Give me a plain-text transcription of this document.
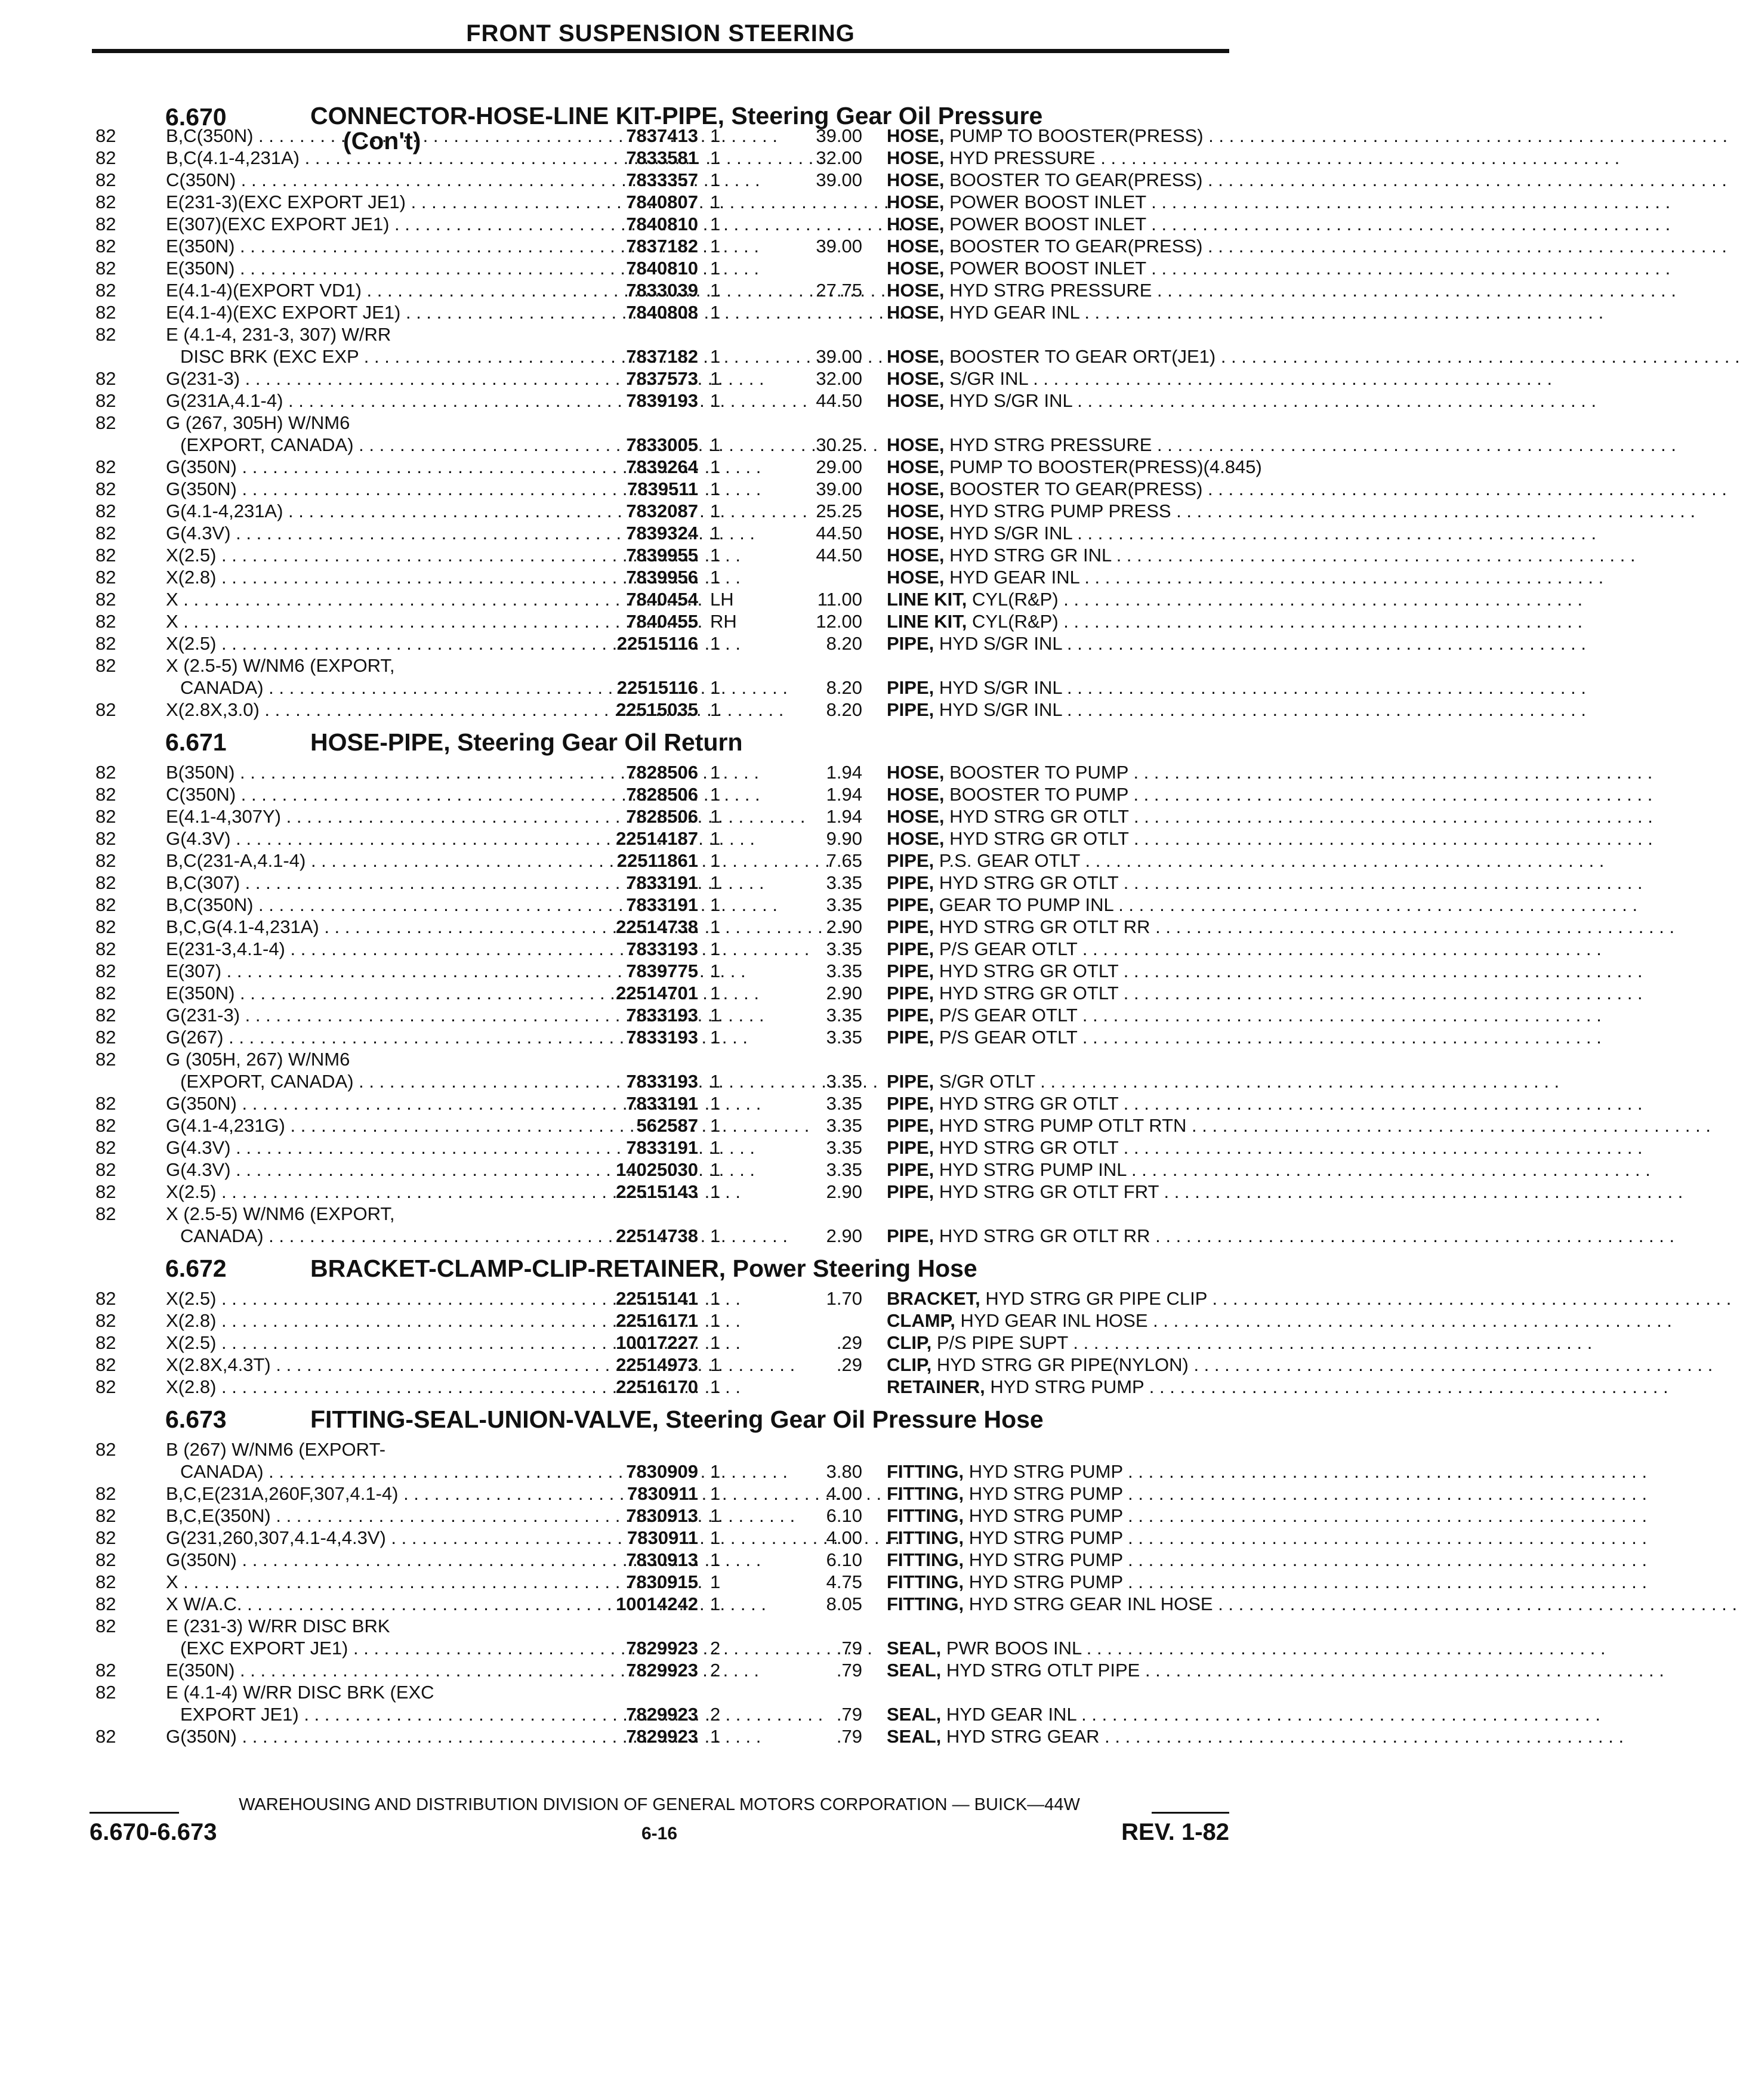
FRONT SUSPENSION STEERING
6.670	CONNECTOR-HOSE-LINE KIT-PIPE, Steering Gear Oil Pressure
(Con't)
82	B,C(350N) . . .	7837413 1	39.00 HOSE, PUMP TO BOOSTER(PRESS) . . .
82	B,C(4.1-4,231A) . . .	7833581 1	32.00 HOSE, HYD PRESSURE . . .
82	C(350N) . . .	7833357 1	39.00 HOSE, BOOSTER TO GEAR(PRESS) . . .
82	E(231-3)(EXC EXPORT JE1) . . .	7840807 1	HOSE, POWER BOOST INLET . . .
82	E(307)(EXC EXPORT JE1) . . .	7840810 1	HOSE, POWER BOOST INLET . . .
82	E(350N) . . .	7837182 1	39.00 HOSE, BOOSTER TO GEAR(PRESS) . . .
82	E(350N) . . .	7840810 1	HOSE, POWER BOOST INLET . . .
82	E(4.1-4)(EXPORT VD1) . . .	7833039 1	27.75 HOSE, HYD STRG PRESSURE . . .
82	E(4.1-4)(EXC EXPORT JE1) . . .	7840808 1	HOSE, HYD GEAR INL . . .
82	E (4.1-4, 231-3, 307) W/RR
DISC BRK (EXC EXP . . .	7837182 1	39.00 HOSE, BOOSTER TO GEAR ORT(JE1) . . .
82	G(231-3) . . .	7837573 1	32.00 HOSE, S/GR INL . . .
82	G(231A,4.1-4) . . .	7839193 1	44.50 HOSE, HYD S/GR INL . . .
82	G (267, 305H) W/NM6
(EXPORT, CANADA) . . .	7833005 1	30.25 HOSE, HYD STRG PRESSURE . . .
82	G(350N) . . .	7839264 1	29.00 HOSE, PUMP TO BOOSTER(PRESS)(4.845)
82	G(350N) . . .	7839511 1	39.00 HOSE, BOOSTER TO GEAR(PRESS) . . .
82	G(4.1-4,231A) . . .	7832087 1	25.25 HOSE, HYD STRG PUMP PRESS . . .
82	G(4.3V) . . .	7839324 1	44.50 HOSE, HYD S/GR INL . . .
82	X(2.5) . . .	7839955 1	44.50 HOSE, HYD STRG GR INL . . .
82	X(2.8) . . .	7839956 1	HOSE, HYD GEAR INL . . .
82	X . . .	7840454 LH	11.00 LINE KIT, CYL(R&P) . . .
82	X . . .	7840455 RH	12.00 LINE KIT, CYL(R&P) . . .
82	X(2.5) . . .	22515116 1	8.20 PIPE, HYD S/GR INL . . .
82	X (2.5-5) W/NM6 (EXPORT,
CANADA) . . .	22515116 1	8.20 PIPE, HYD S/GR INL . . .
82	X(2.8X,3.0) . . .	22515035 1	8.20 PIPE, HYD S/GR INL . . .
6.671	HOSE-PIPE, Steering Gear Oil Return
82	B(350N) . . .	7828506 1	1.94 HOSE, BOOSTER TO PUMP . . .
82	C(350N) . . .	7828506 1	1.94 HOSE, BOOSTER TO PUMP . . .
82	E(4.1-4,307Y) . . .	7828506 1	1.94 HOSE, HYD STRG GR OTLT . . .
82	G(4.3V) . . .	22514187 1	9.90 HOSE, HYD STRG GR OTLT . . .
82	B,C(231-A,4.1-4) . . .	22511861 1	7.65 PIPE, P.S. GEAR OTLT . . .
82	B,C(307) . . .	7833191 1	3.35 PIPE, HYD STRG GR OTLT . . .
82	B,C(350N) . . .	7833191 1	3.35 PIPE, GEAR TO PUMP INL . . .
82	B,C,G(4.1-4,231A) . . .	22514738 1	2.90 PIPE, HYD STRG GR OTLT RR . . .
82	E(231-3,4.1-4) . . .	7833193 1	3.35 PIPE, P/S GEAR OTLT . . .
82	E(307) . . .	7839775 1	3.35 PIPE, HYD STRG GR OTLT . . .
82	E(350N) . . .	22514701 1	2.90 PIPE, HYD STRG GR OTLT . . .
82	G(231-3) . . .	7833193 1	3.35 PIPE, P/S GEAR OTLT . . .
82	G(267) . . .	7833193 1	3.35 PIPE, P/S GEAR OTLT . . .
82	G (305H, 267) W/NM6
(EXPORT, CANADA) . . .	7833193 1	3.35 PIPE, S/GR OTLT . . .
82	G(350N) . . .	7833191 1	3.35 PIPE, HYD STRG GR OTLT . . .
82	G(4.1-4,231G) . . .	562587 1	3.35 PIPE, HYD STRG PUMP OTLT RTN . . .
82	G(4.3V) . . .	7833191 1	3.35 PIPE, HYD STRG GR OTLT . . .
82	G(4.3V) . . .	14025030 1	3.35 PIPE, HYD STRG PUMP INL . . .
82	X(2.5) . . .	22515143 1	2.90 PIPE, HYD STRG GR OTLT FRT . . .
82	X (2.5-5) W/NM6 (EXPORT,
CANADA) . . .	22514738 1	2.90 PIPE, HYD STRG GR OTLT RR . . .
6.672	BRACKET-CLAMP-CLIP-RETAINER, Power Steering Hose
82	X(2.5) . . .	22515141 1	1.70 BRACKET, HYD STRG GR PIPE CLIP . . .
82	X(2.8) . . .	22516171 1	CLAMP, HYD GEAR INL HOSE . . .
82	X(2.5) . . .	10017227 1	.29 CLIP, P/S PIPE SUPT . . .
82	X(2.8X,4.3T) . . .	22514973 1	.29 CLIP, HYD STRG GR PIPE(NYLON) . . .
82	X(2.8) . . .	22516170 1	RETAINER, HYD STRG PUMP . . .
6.673	FITTING-SEAL-UNION-VALVE, Steering Gear Oil Pressure Hose
82	B (267) W/NM6 (EXPORT-
CANADA) . . .	7830909 1	3.80 FITTING, HYD STRG PUMP . . .
82	B,C,E(231A,260F,307,4.1-4) . . .	7830911 1	4.00 FITTING, HYD STRG PUMP . . .
82	B,C,E(350N) . . .	7830913 1	6.10 FITTING, HYD STRG PUMP . . .
82	G(231,260,307,4.1-4,4.3V) . . .	7830911 1	4.00 FITTING, HYD STRG PUMP . . .
82	G(350N) . . .	7830913 1	6.10 FITTING, HYD STRG PUMP . . .
82	X . . .	7830915 1	4.75 FITTING, HYD STRG PUMP . . .
82	X W/A.C. . . .	10014242 1	8.05 FITTING, HYD STRG GEAR INL HOSE . . .
82	E (231-3) W/RR DISC BRK
(EXC EXPORT JE1) . . .	7829923 2	.79 SEAL, PWR BOOS INL . . .
82	E(350N) . . .	7829923 2	.79 SEAL, HYD STRG OTLT PIPE . . .
82	E (4.1-4) W/RR DISC BRK (EXC
EXPORT JE1) . . .	7829923 2	.79 SEAL, HYD GEAR INL . . .
82	G(350N) . . .	7829923 1	.79 SEAL, HYD STRG GEAR . . .
WAREHOUSING AND DISTRIBUTION DIVISION OF GENERAL MOTORS CORPORATION — BUICK—44W
6.670-6.673	6-16	REV. 1-82
